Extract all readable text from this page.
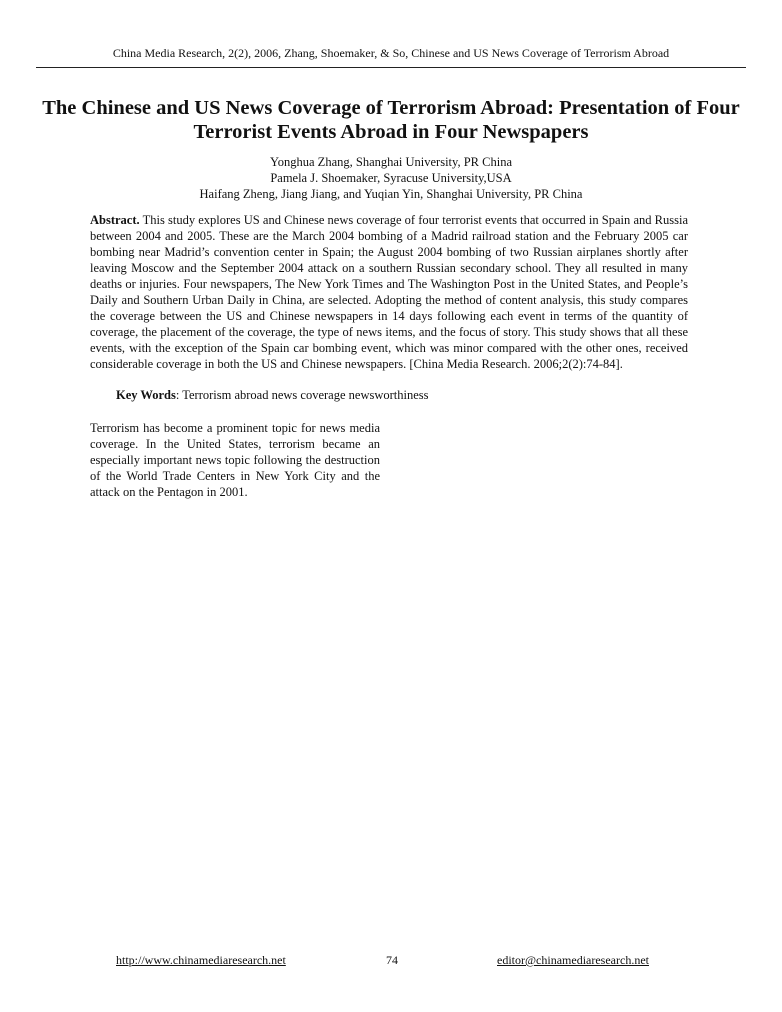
China Media Research, 2(2), 2006, Zhang, Shoemaker, & So, Chinese and US News Coverage of Terrorism Abroad
The Chinese and US News Coverage of Terrorism Abroad: Presentation of Four Terrorist Events Abroad in Four Newspapers
Yonghua Zhang, Shanghai University, PR China
Pamela J. Shoemaker, Syracuse University,USA
Haifang Zheng, Jiang Jiang, and Yuqian Yin, Shanghai University, PR China
Abstract. This study explores US and Chinese news coverage of four terrorist events that occurred in Spain and Russia between 2004 and 2005. These are the March 2004 bombing of a Madrid railroad station and the February 2005 car bombing near Madrid’s convention center in Spain; the August 2004 bombing of two Russian airplanes shortly after leaving Moscow and the September 2004 attack on a southern Russian secondary school. They all resulted in many deaths or injuries. Four newspapers, The New York Times and The Washington Post in the United States, and People’s Daily and Southern Urban Daily in China, are selected. Adopting the method of content analysis, this study compares the coverage between the US and Chinese newspapers in 14 days following each event in terms of the quantity of coverage, the placement of the coverage, the type of news items, and the focus of story. This study shows that all these events, with the exception of the Spain car bombing event, which was minor compared with the other ones, received considerable coverage in both the US and Chinese newspapers. [China Media Research. 2006;2(2):74-84].
Key Words: Terrorism abroad news coverage newsworthiness
Terrorism has become a prominent topic for news media coverage. In the United States, terrorism became an especially important news topic following the destruction of the World Trade Centers in New York City and the attack on the Pentagon in 2001.
http://www.chinamediaresearch.net	74	editor@chinamediaresearch.net
